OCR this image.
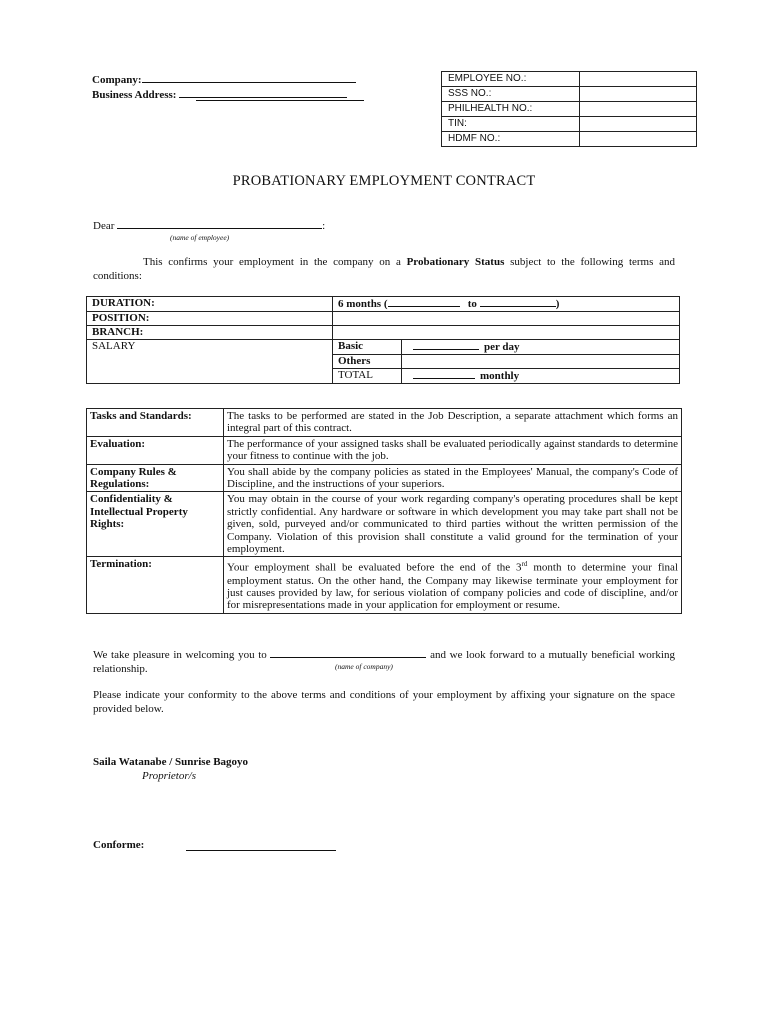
Company:
Business Address:
EMPLOYEE NO.:	
SSS NO.:	
PHILHEALTH NO.:	
TIN:	
HDMF NO.:	
PROBATIONARY EMPLOYMENT CONTRACT
Dear	:
(name of employee)
This confirms your employment in the company on a Probationary Status subject to the following terms and conditions:
DURATION:	6 months ( to )	
POSITION:		
BRANCH:		
SALARY	Basic	per day
	Others	
	TOTAL	monthly
Tasks and Standards:	The tasks to be performed are stated in the Job Description, a separate attachment which forms an integral part of this contract.
Evaluation:	The performance of your assigned tasks shall be evaluated periodically against standards to determine your fitness to continue with the job.
Company Rules & Regulations:	You shall abide by the company policies as stated in the Employees' Manual, the company's Code of Discipline, and the instructions of your superiors.
Confidentiality & Intellectual Property Rights:	You may obtain in the course of your work regarding company's operating procedures shall be kept strictly confidential. Any hardware or software in which development you may take part shall not be given, sold, purveyed and/or communicated to third parties without the written permission of the Company. Violation of this provision shall constitute a valid ground for the termination of your employment.
Termination:	Your employment shall be evaluated before the end of the 3rd month to determine your final employment status. On the other hand, the Company may likewise terminate your employment for just causes provided by law, for serious violation of company policies and code of discipline, and/or for misrepresentations made in your application for employment or resume.
We take pleasure in welcoming you to	and we look forward to a mutually beneficial working relationship.	(name of company)
Please indicate your conformity to the above terms and conditions of your employment by affixing your signature on the space provided below.
Saila Watanabe / Sunrise Bagoyo
Proprietor/s
Conforme:
